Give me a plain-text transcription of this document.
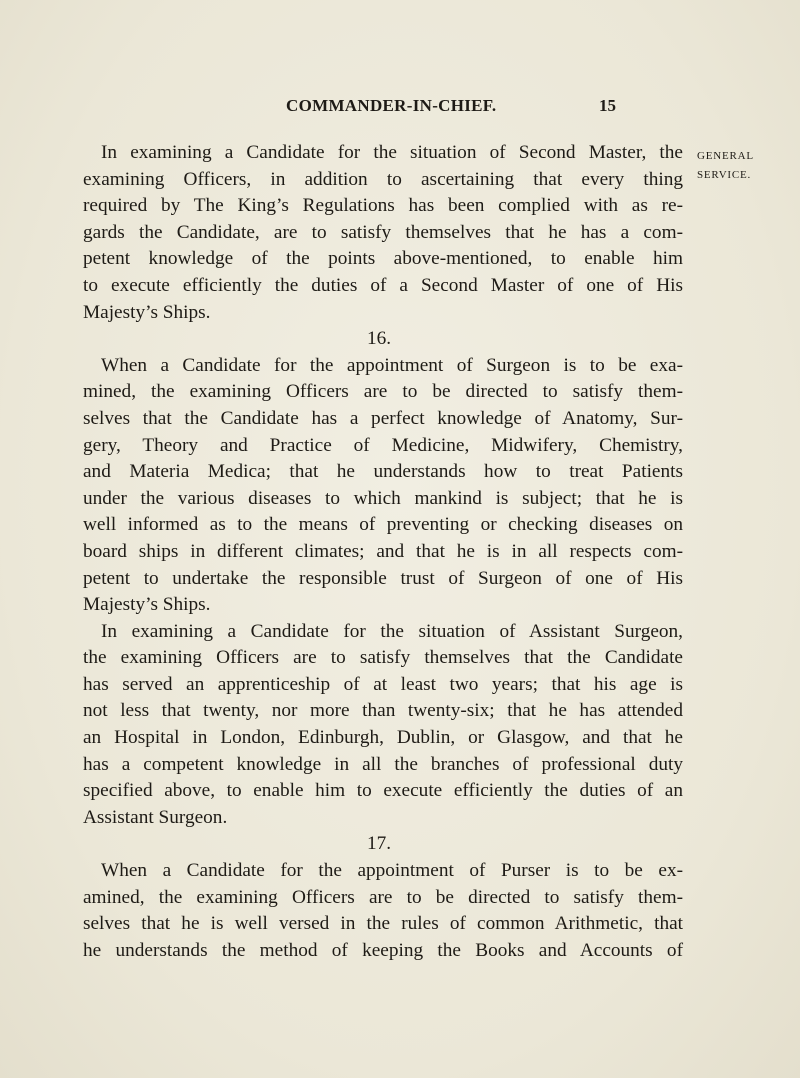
COMMANDER-IN-CHIEF.	15
GENERAL
SERVICE.
In examining a Candidate for the situation of Second Master, the
examining Officers, in addition to ascertaining that every thing
required by The King’s Regulations has been complied with as re-
gards the Candidate, are to satisfy themselves that he has a com-
petent knowledge of the points above-mentioned, to enable him
to execute efficiently the duties of a Second Master of one of His
Majesty’s Ships.
16.
When a Candidate for the appointment of Surgeon is to be exa-
mined, the examining Officers are to be directed to satisfy them-
selves that the Candidate has a perfect knowledge of Anatomy, Sur-
gery, Theory and Practice of Medicine, Midwifery, Chemistry,
and Materia Medica; that he understands how to treat Patients
under the various diseases to which mankind is subject; that he is
well informed as to the means of preventing or checking diseases on
board ships in different climates; and that he is in all respects com-
petent to undertake the responsible trust of Surgeon of one of His
Majesty’s Ships.
In examining a Candidate for the situation of Assistant Surgeon,
the examining Officers are to satisfy themselves that the Candidate
has served an apprenticeship of at least two years; that his age is
not less that twenty, nor more than twenty-six; that he has attended
an Hospital in London, Edinburgh, Dublin, or Glasgow, and that he
has a competent knowledge in all the branches of professional duty
specified above, to enable him to execute efficiently the duties of an
Assistant Surgeon.
17.
When a Candidate for the appointment of Purser is to be ex-
amined, the examining Officers are to be directed to satisfy them-
selves that he is well versed in the rules of common Arithmetic, that
he understands the method of keeping the Books and Accounts of
